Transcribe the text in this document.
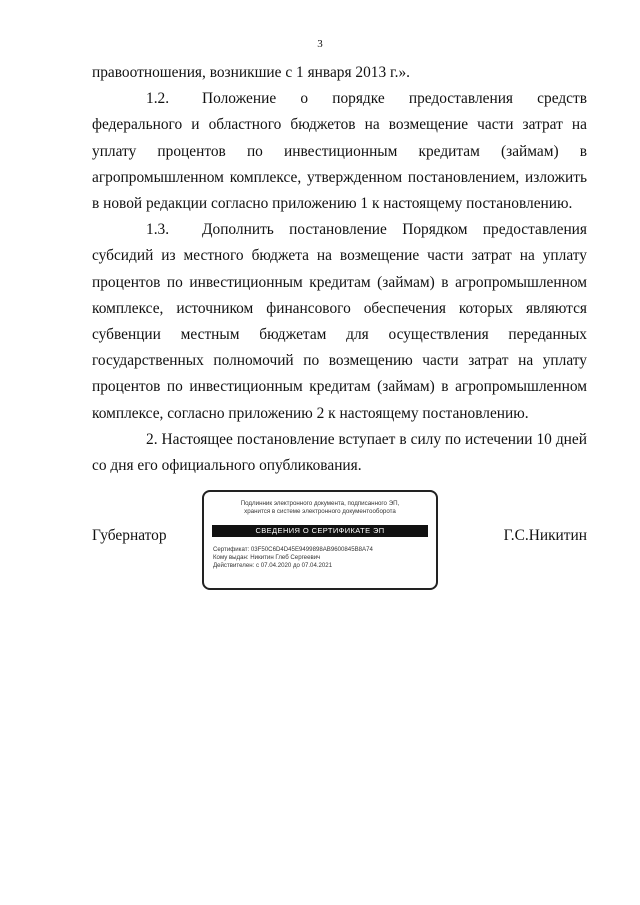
3

правоотношения, возникшие с 1 января 2013 г.».

1.2. Положение о порядке предоставления средств федерального и областного бюджетов на возмещение части затрат на уплату процентов по инвестиционным кредитам (займам) в агропромышленном комплексе, утвержденном постановлением, изложить в новой редакции согласно приложению 1 к настоящему постановлению.

1.3. Дополнить постановление Порядком предоставления субсидий из местного бюджета на возмещение части затрат на уплату процентов по инвестиционным кредитам (займам) в агропромышленном комплексе, источником финансового обеспечения которых являются субвенции местным бюджетам для осуществления переданных государственных полномочий по возмещению части затрат на уплату процентов по инвестиционным кредитам (займам) в агропромышленном комплексе, согласно приложению 2 к настоящему постановлению.

2. Настоящее постановление вступает в силу по истечении 10 дней со дня его официального опубликования.

Губернатор
Подлинник электронного документа, подписанного ЭП,
хранится в системе электронного документооборота
СВЕДЕНИЯ О СЕРТИФИКАТЕ ЭП
Сертификат: 03F50C6D4D45E9499898AB9600845B8A74
Кому выдан: Никитин Глеб Сергеевич
Действителен: с 07.04.2020 до 07.04.2021
Г.С.Никитин
